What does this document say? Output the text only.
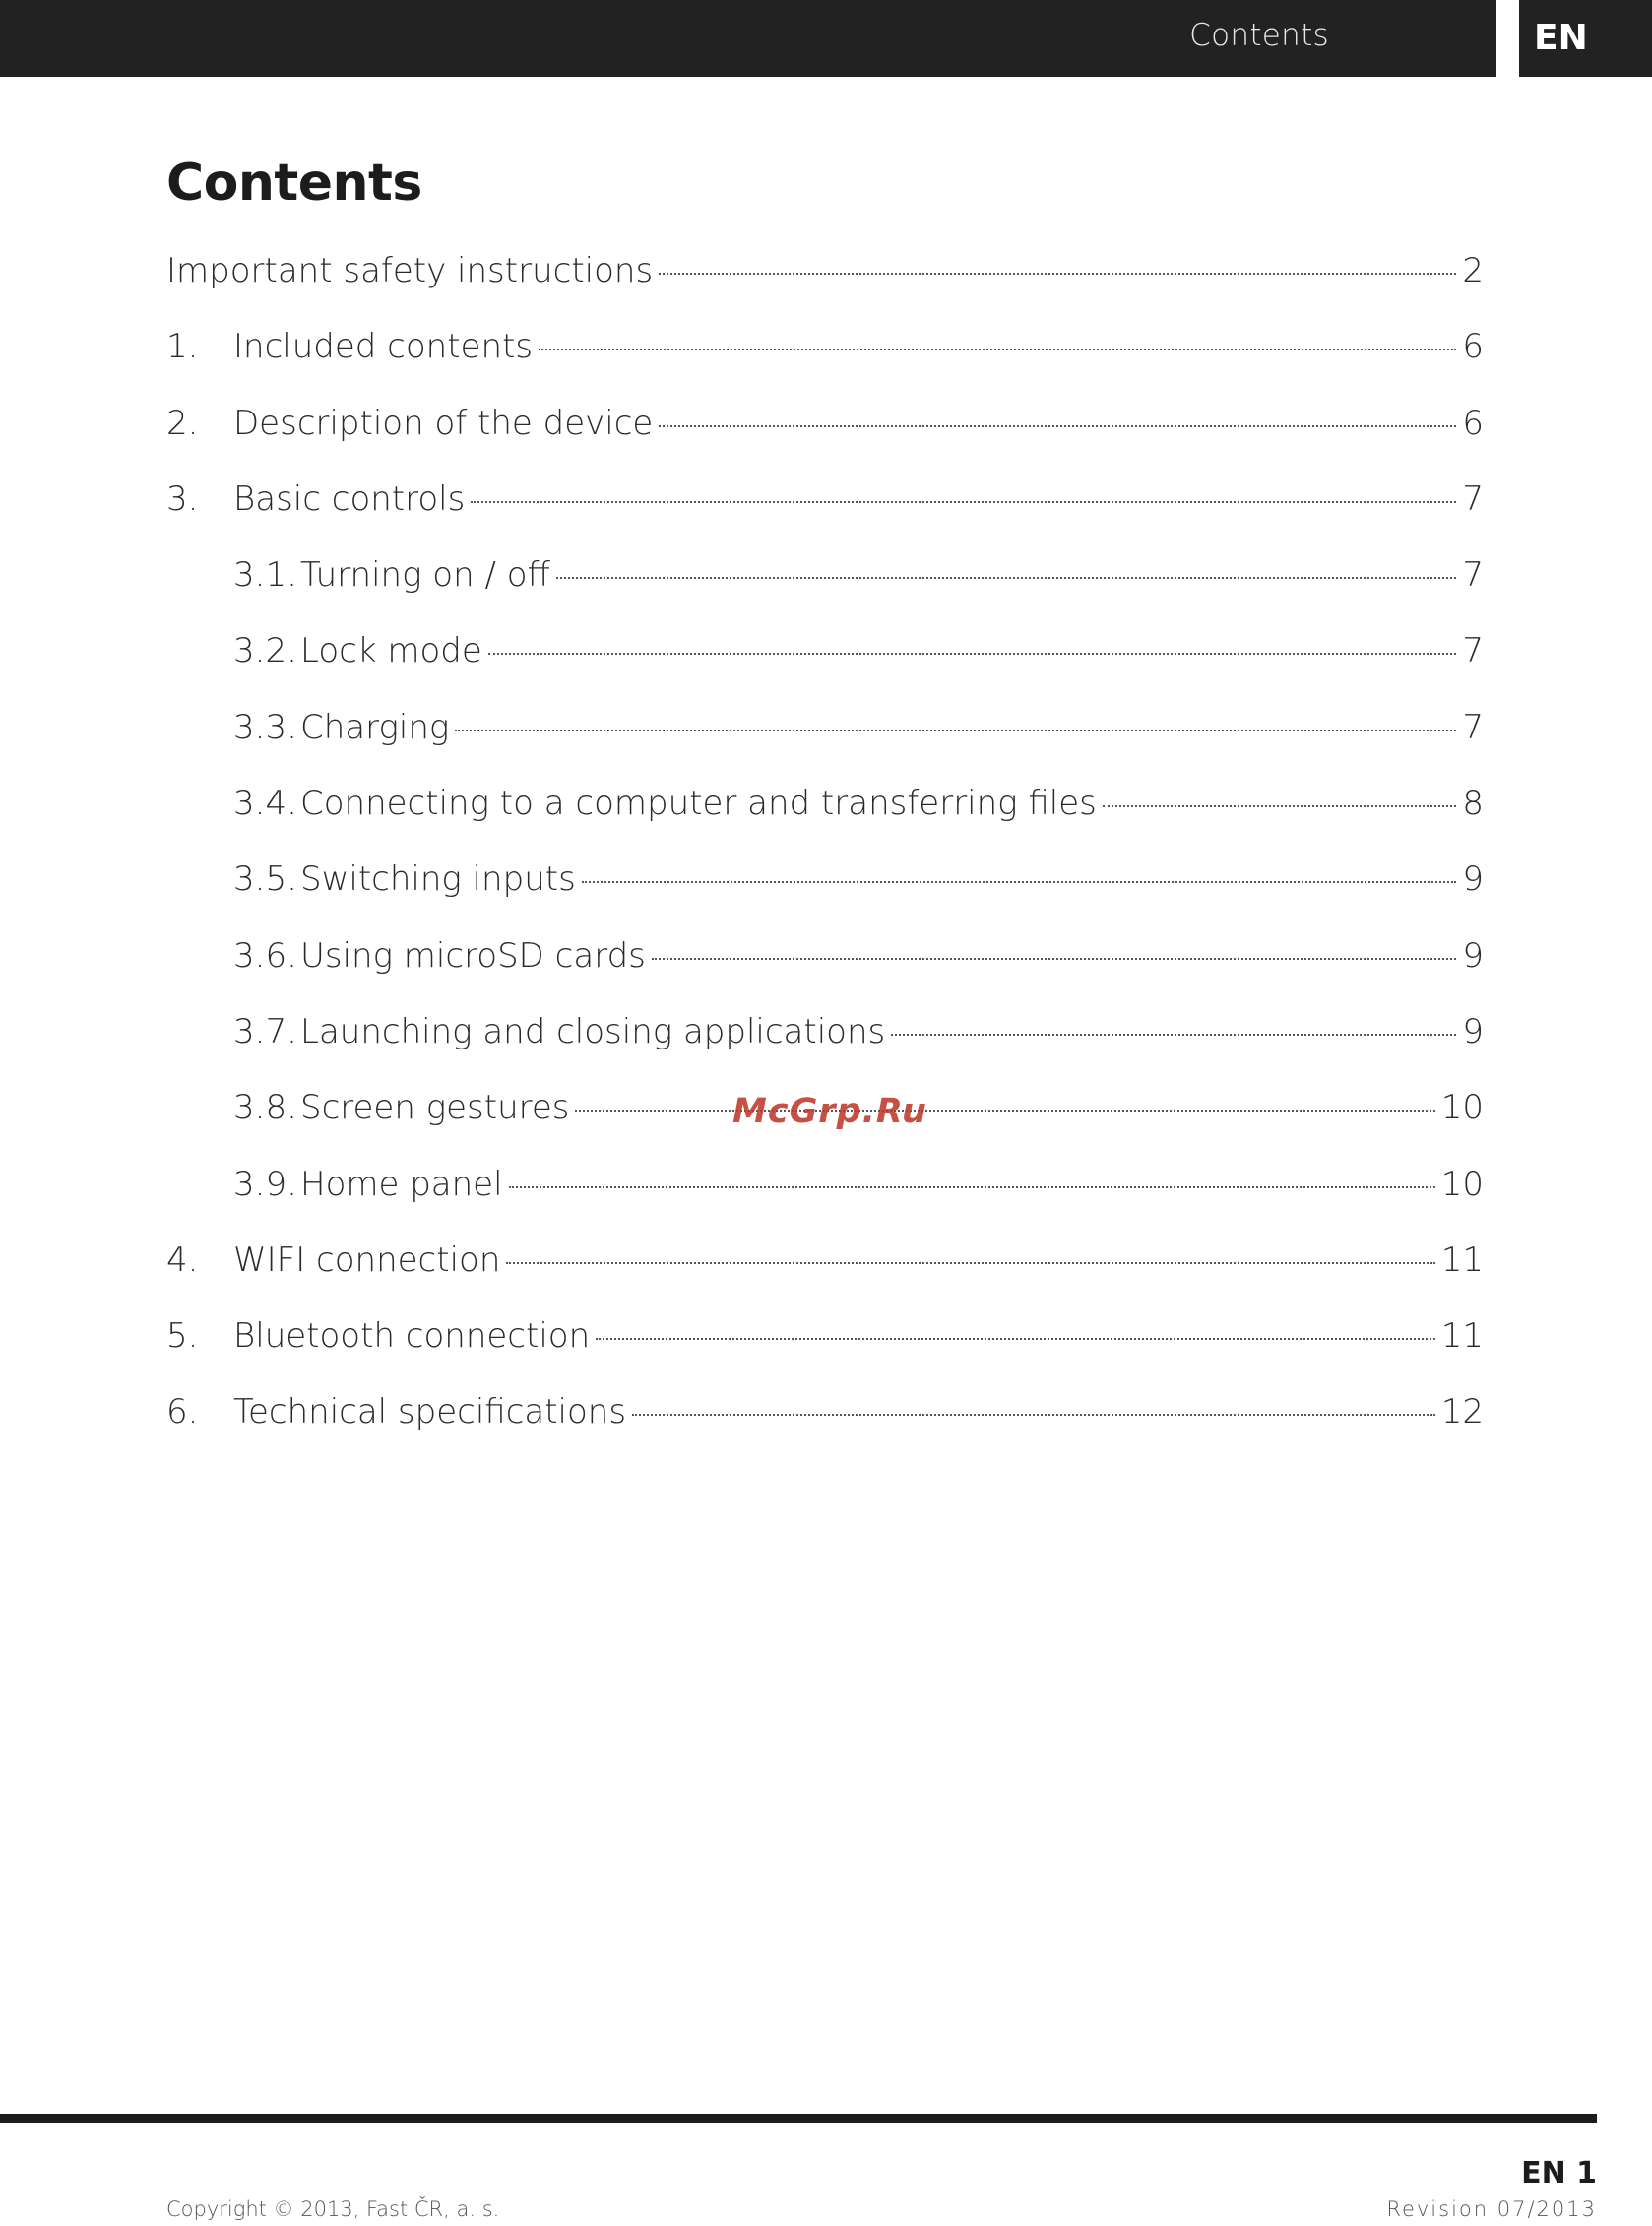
Contents	EN
Contents
Important safety instructions	2
1.	Included contents	6
2.	Description of the device	6
3.	Basic controls	7
3.1. Turning on / off	7
3.2. Lock mode	7
3.3. Charging	7
3.4. Connecting to a computer and transferring files	8
3.5. Switching inputs	9
3.6. Using microSD cards	9
3.7. Launching and closing applications	9
3.8. Screen gestures	10
3.9. Home panel	10
4.	WIFI connection	11
5.	Bluetooth connection	11
6.	Technical specifications	12
McGrp.Ru
EN 1
Copyright © 2013, Fast ČR, a. s.	Revision 07/2013
